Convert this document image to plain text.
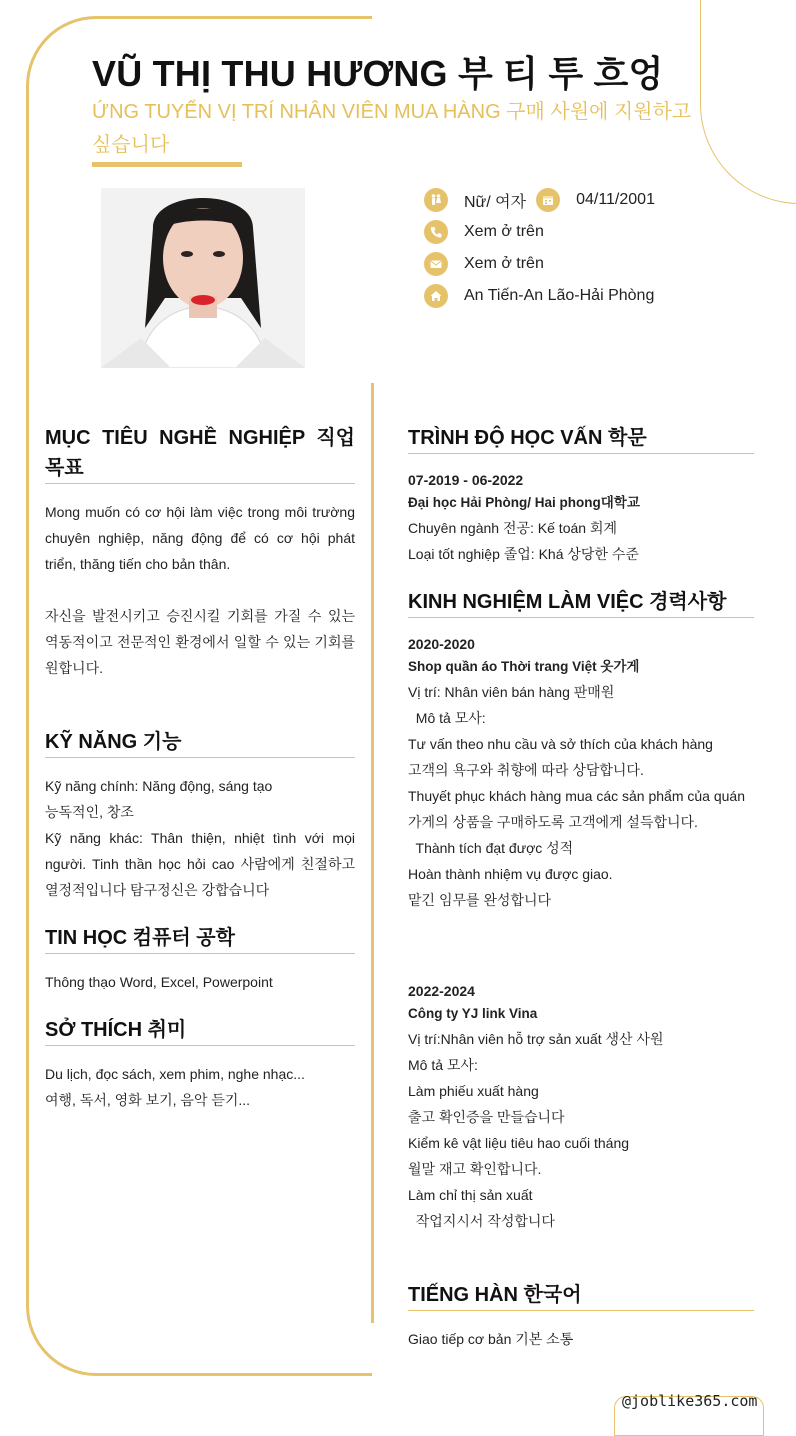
VŨ THỊ THU HƯƠNG 부 티 투 흐엉

ỨNG TUYỂN VỊ TRÍ NHÂN VIÊN MUA HÀNG 구매 사원에 지원하고 싶습니다

Nữ/ 여자	04/11/2001
Xem ở trên
Xem ở trên
An Tiến-An Lão-Hải Phòng
MỤC TIÊU NGHỀ NGHIỆP 직업 목표

Mong muốn có cơ hội làm việc trong môi trường chuyên nghiệp, năng động để có cơ hội phát triển, thăng tiến cho bản thân.

자신을 발전시키고 승진시킬 기회를 가질 수 있는 역동적이고 전문적인 환경에서 일할 수 있는 기회를 원합니다.

KỸ NĂNG 기능

Kỹ năng chính: Năng động, sáng tạo

능독적인, 창조

Kỹ năng khác: Thân thiện, nhiệt tình với mọi người. Tinh thần học hỏi cao 사람에게 친절하고 열정적입니다 탐구정신은 강합습니다

TIN HỌC 컴퓨터 공학

Thông thạo Word, Excel, Powerpoint

SỞ THÍCH 취미

Du lịch, đọc sách, xem phim, nghe nhạc...

여행, 독서, 영화 보기, 음악 듣기...

TRÌNH ĐỘ HỌC VẤN 학문

07-2019 - 06-2022

Đại học Hải Phòng/ Hai phong대학교

Chuyên ngành 전공: Kế toán 회계

Loại tốt nghiệp 졸업: Khá 상당한 수준

KINH NGHIỆM LÀM VIỆC 경력사항

2020-2020

Shop quần áo Thời trang Việt 옷가게

Vị trí: Nhân viên bán hàng 판매원
Mô tả 모사:
Tư vấn theo nhu cầu và sở thích của khách hàng
고객의 욕구와 취향에 따라 상담합니다.
Thuyết phục khách hàng mua các sản phẩm của quán
가게의 상품을 구매하도록 고객에게 설득합니다.
Thành tích đạt được 성적
Hoàn thành nhiệm vụ được giao.
맡긴 임무를 완성합니다

2022-2024

Công ty YJ link Vina

Vị trí:Nhân viên hỗ trợ sản xuất 생산 사원
Mô tả 모사:
Làm phiếu xuất hàng
출고 확인증을 만들습니다
Kiểm kê vật liệu tiêu hao cuối tháng
월말 재고 확인합니다.
Làm chỉ thị sản xuất
작업지시서 작성합니다
TIẾNG HÀN 한국어

Giao tiếp cơ bản 기본 소통

@joblike365.com
